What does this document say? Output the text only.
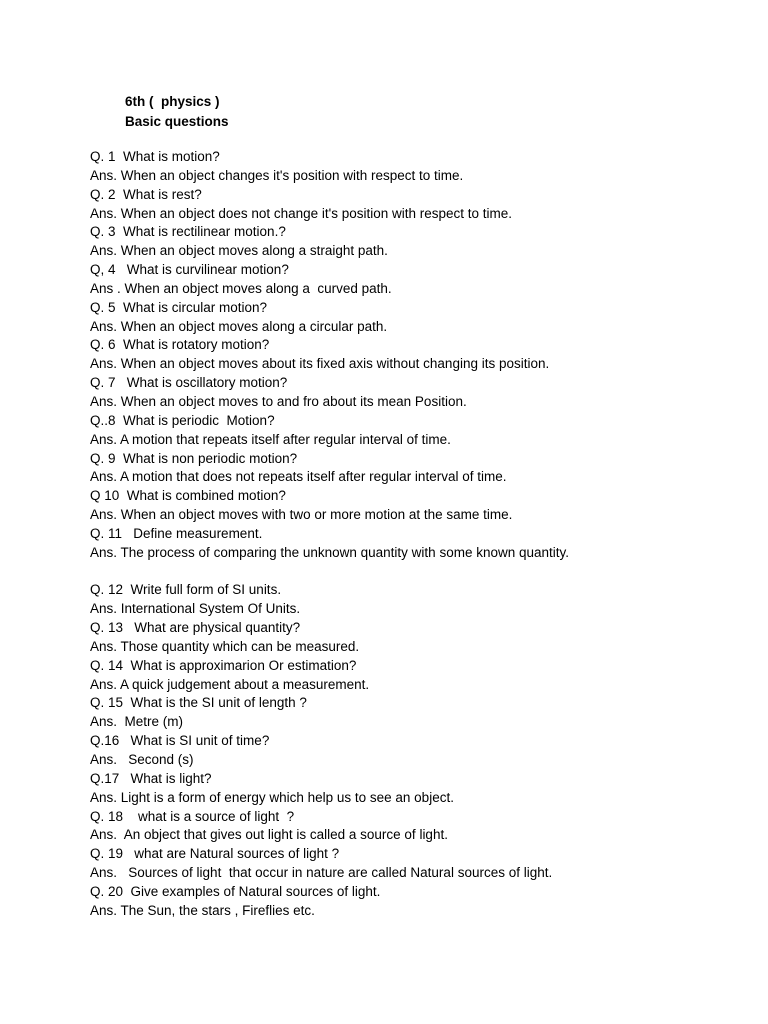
6th (  physics )
Basic questions
Q. 1  What is motion?
Ans. When an object changes it's position with respect to time.
Q. 2  What is rest?
Ans. When an object does not change it's position with respect to time.
Q. 3  What is rectilinear motion.?
Ans. When an object moves along a straight path.
Q, 4   What is curvilinear motion?
Ans . When an object moves along a  curved path.
Q. 5  What is circular motion?
Ans. When an object moves along a circular path.
Q. 6  What is rotatory motion?
Ans. When an object moves about its fixed axis without changing its position.
Q. 7   What is oscillatory motion?
Ans. When an object moves to and fro about its mean Position.
Q..8  What is periodic  Motion?
Ans. A motion that repeats itself after regular interval of time.
Q. 9  What is non periodic motion?
Ans. A motion that does not repeats itself after regular interval of time.
Q 10  What is combined motion?
Ans. When an object moves with two or more motion at the same time.
Q. 11   Define measurement.
Ans. The process of comparing the unknown quantity with some known quantity.
Q. 12  Write full form of SI units.
Ans. International System Of Units.
Q. 13   What are physical quantity?
Ans. Those quantity which can be measured.
Q. 14  What is approximarion Or estimation?
Ans. A quick judgement about a measurement.
Q. 15  What is the SI unit of length ?
Ans.  Metre (m)
Q.16   What is SI unit of time?
Ans.   Second (s)
Q.17   What is light?
Ans. Light is a form of energy which help us to see an object.
Q. 18    what is a source of light  ?
Ans.  An object that gives out light is called a source of light.
Q. 19   what are Natural sources of light ?
Ans.   Sources of light  that occur in nature are called Natural sources of light.
Q. 20  Give examples of Natural sources of light.
Ans. The Sun, the stars , Fireflies etc.
